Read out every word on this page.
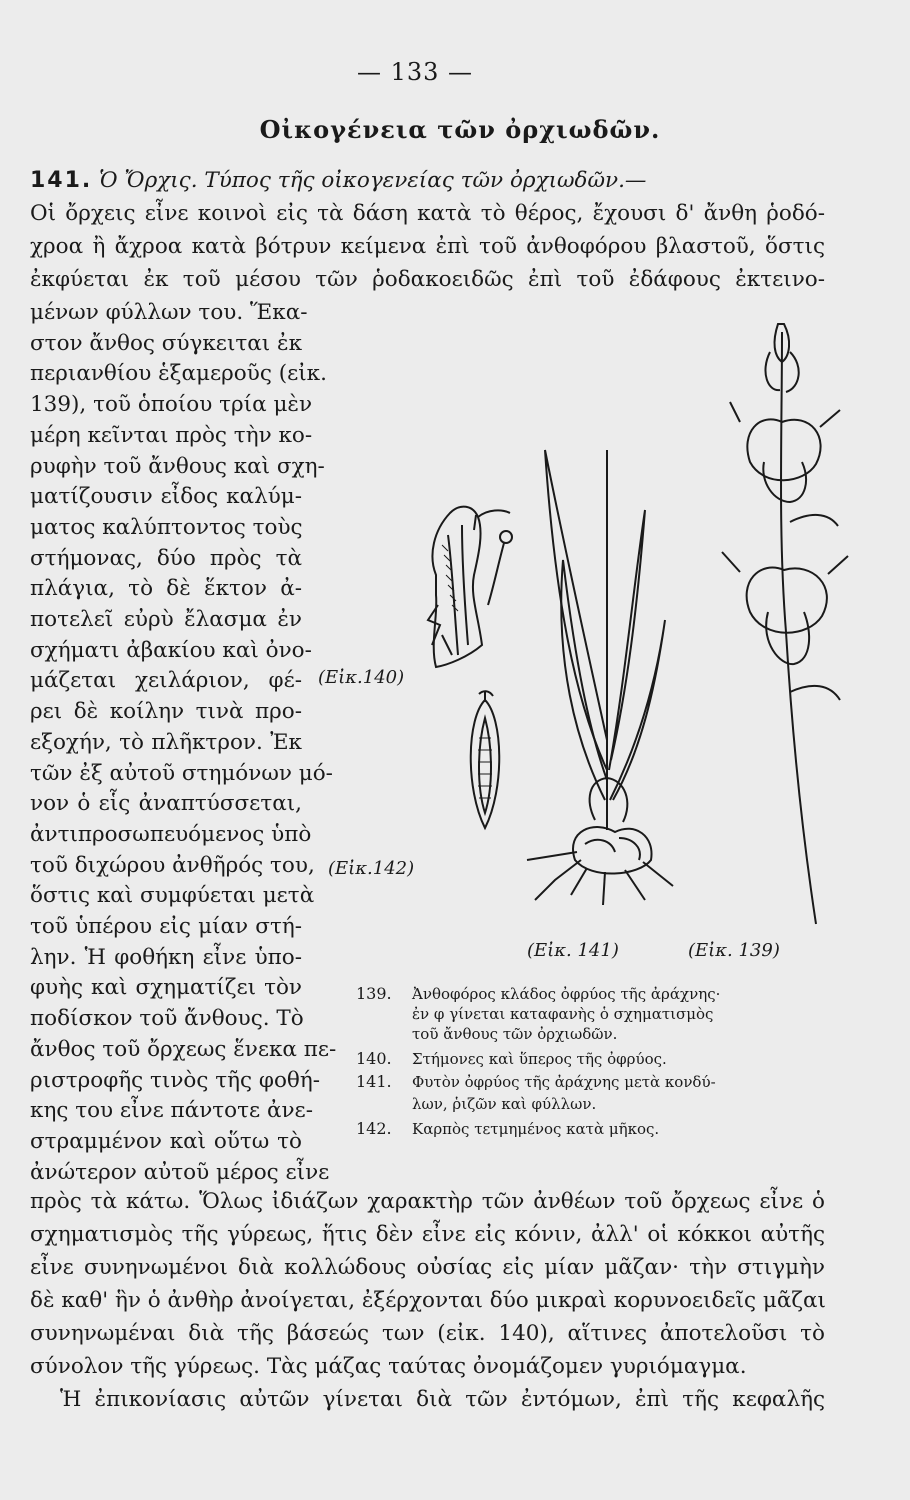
— 133 —
Οἰκογένεια τῶν ὀρχιωδῶν.
141. Ὁ Ὄρχις. Τύπος τῆς οἰκογενείας τῶν ὀρχιωδῶν.—
Οἱ ὄρχεις εἶνε κοινοὶ εἰς τὰ δάση κατὰ τὸ θέρος, ἔχουσι δ' ἄνθη ῥοδό-
χροα ἢ ἄχροα κατὰ βότρυν κείμενα ἐπὶ τοῦ ἀνθοφόρου βλαστοῦ, ὅστις
ἐκφύεται ἐκ τοῦ μέσου τῶν ῥοδακοειδῶς ἐπὶ τοῦ ἐδάφους ἐκτεινο-
μένων φύλλων του. Ἕκα-
στον ἄνθος σύγκειται ἐκ
περιανθίου ἑξαμεροῦς (εἰκ.
139), τοῦ ὁποίου τρία μὲν
μέρη κεῖνται πρὸς τὴν κο-
ρυφὴν τοῦ ἄνθους καὶ σχη-
ματίζουσιν εἶδος καλύμ-
ματος καλύπτοντος τοὺς
στήμονας, δύο πρὸς τὰ
πλάγια, τὸ δὲ ἕκτον ἀ-
ποτελεῖ εὐρὺ ἔλασμα ἐν
σχήματι ἀβακίου καὶ ὀνο-
μάζεται χειλάριον, φέ-
ρει δὲ κοίλην τινὰ προ-
εξοχήν, τὸ πλῆκτρον. Ἐκ
τῶν ἐξ αὐτοῦ στημόνων μό-
νον ὁ εἷς ἀναπτύσσεται,
ἀντιπροσωπευόμενος ὑπὸ
τοῦ διχώρου ἀνθῆρός του,
ὅστις καὶ συμφύεται μετὰ
τοῦ ὑπέρου εἰς μίαν στή-
λην. Ἡ φοθήκη εἶνε ὑπο-
φυὴς καὶ σχηματίζει τὸν
ποδίσκον τοῦ ἄνθους. Τὸ
ἄνθος τοῦ ὄρχεως ἕνεκα πε-
ριστροφῆς τινὸς τῆς φοθή-
κης του εἶνε πάντοτε ἀνε-
στραμμένον καὶ οὕτω τὸ
ἀνώτερον αὐτοῦ μέρος εἶνε
πρὸς τὰ κάτω. Ὅλως ἰδιάζων χαρακτὴρ τῶν ἀνθέων τοῦ ὄρχεως εἶνε ὁ
σχηματισμὸς τῆς γύρεως, ἥτις δὲν εἶνε εἰς κόνιν, ἀλλ' οἱ κόκκοι αὐτῆς
εἶνε συνηνωμένοι διὰ κολλώδους οὐσίας εἰς μίαν μᾶζαν· τὴν στιγμὴν
δὲ καθ' ἣν ὁ ἀνθὴρ ἀνοίγεται, ἐξέρχονται δύο μικραὶ κορυνοειδεῖς μᾶζαι
συνηνωμέναι διὰ τῆς βάσεώς των (εἰκ. 140), αἵτινες ἀποτελοῦσι τὸ
σύνολον τῆς γύρεως. Τὰς μάζας ταύτας ὀνομάζομεν γυριόμαγμα.
Ἡ ἐπικονίασις αὐτῶν γίνεται διὰ τῶν ἐντόμων, ἐπὶ τῆς κεφαλῆς
(Εἰκ.140)
(Εἰκ.142)
(Εἰκ. 141)	(Εἰκ. 139)
139. Ἀνθοφόρος κλάδος ὀφρύος τῆς ἀράχνης·
ἐν φ γίνεται καταφανὴς ὁ σχηματισμὸς
τοῦ ἄνθους τῶν ὀρχιωδῶν.
140. Στήμονες καὶ ὕπερος τῆς ὀφρύος.
141. Φυτὸν ὀφρύος τῆς ἀράχνης μετὰ κονδύ-
λων, ῥιζῶν καὶ φύλλων.
142. Καρπὸς τετμημένος κατὰ μῆκος.
